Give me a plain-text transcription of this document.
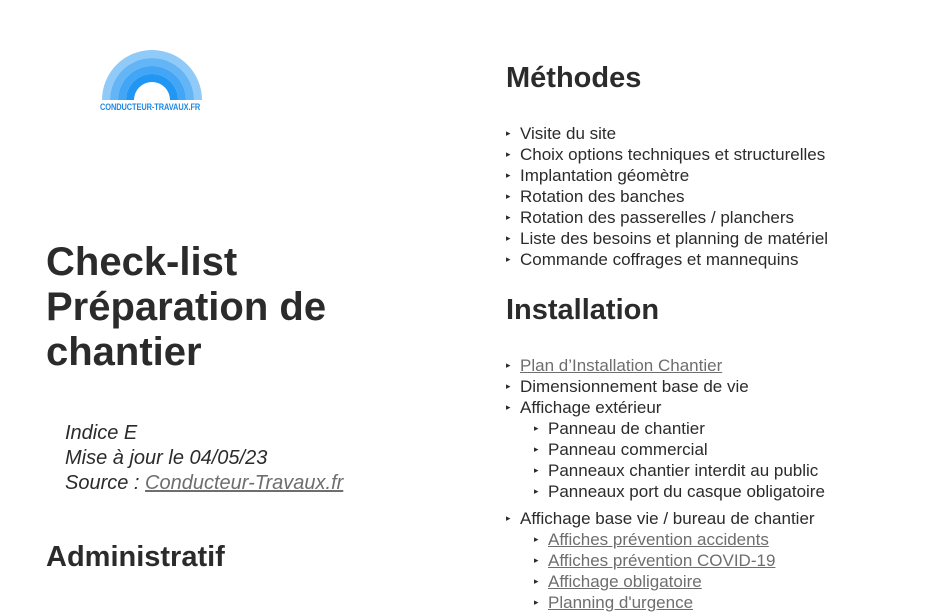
CONDUCTEUR-TRAVAUX.FR
Check-list
Préparation de
chantier
Indice E
Mise à jour le 04/05/23
Source : Conducteur-Travaux.fr
Administratif
Méthodes
▸ Visite du site
▸ Choix options techniques et structurelles
▸ Implantation géomètre
▸ Rotation des banches
▸ Rotation des passerelles / planchers
▸ Liste des besoins et planning de matériel
▸ Commande coffrages et mannequins
Installation
▸ Plan d’Installation Chantier
▸ Dimensionnement base de vie
▸ Affichage extérieur
▸ Panneau de chantier
▸ Panneau commercial
▸ Panneaux chantier interdit au public
▸ Panneaux port du casque obligatoire
▸ Affichage base vie / bureau de chantier
▸ Affiches prévention accidents
▸ Affiches prévention COVID-19
▸ Affichage obligatoire
▸ Planning d'urgence
